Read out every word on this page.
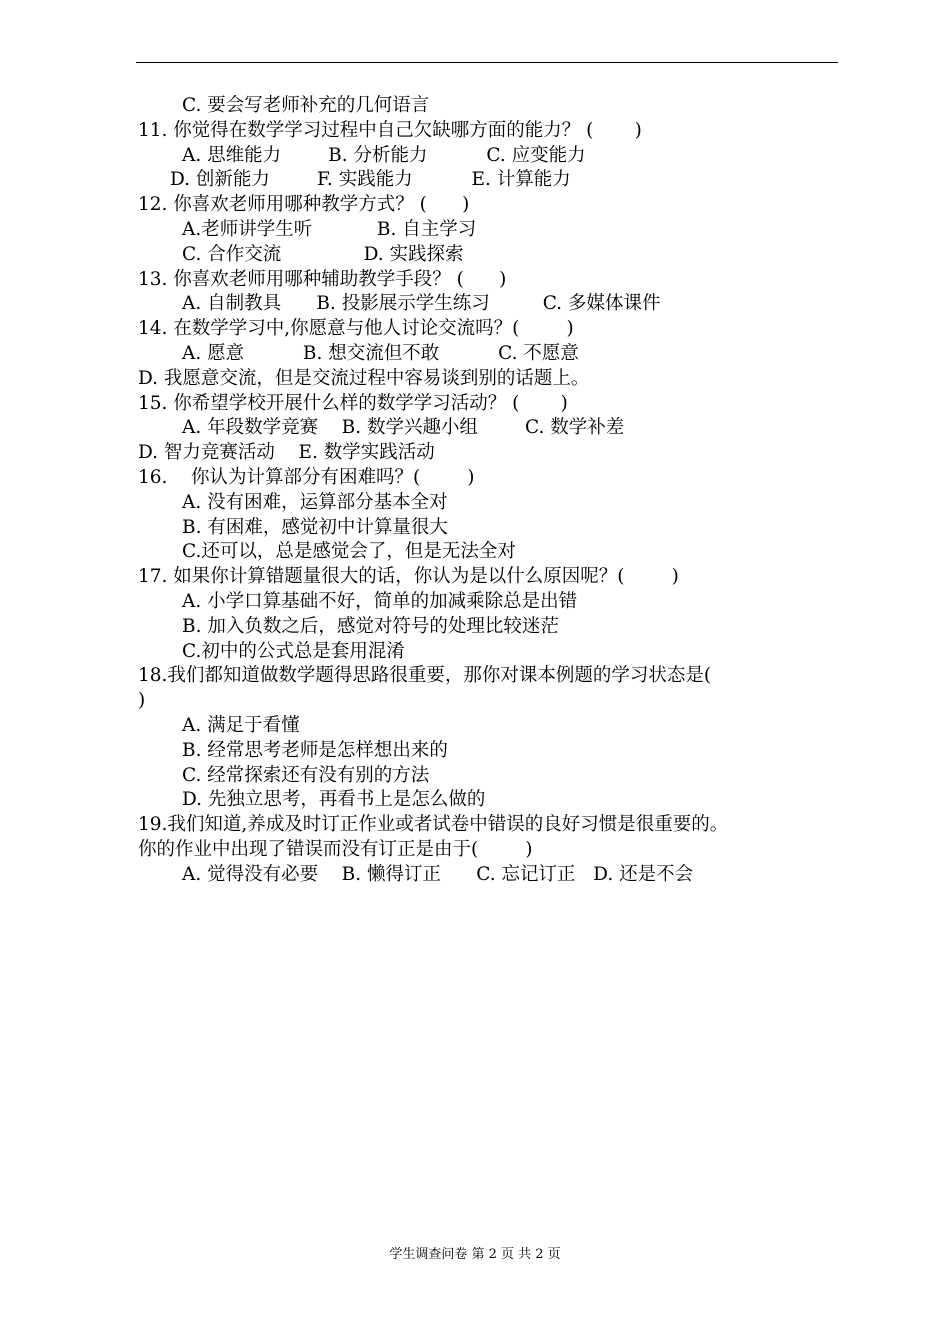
C. 要会写老师补充的几何语言
11. 你觉得在数学学习过程中自己欠缺哪方面的能力？ (       )
A. 思维能力        B. 分析能力          C. 应变能力
D. 创新能力        F. 实践能力          E. 计算能力
12. 你喜欢老师用哪种教学方式？ (      )
A.老师讲学生听           B. 自主学习
C. 合作交流              D. 实践探索
13. 你喜欢老师用哪种辅助教学手段？ (      )
A. 自制教具      B. 投影展示学生练习         C. 多媒体课件
14. 在数学学习中,你愿意与他人讨论交流吗？(        )
A. 愿意          B. 想交流但不敢          C. 不愿意
D. 我愿意交流，但是交流过程中容易谈到别的话题上。
15. 你希望学校开展什么样的数学学习活动？ (       )
A. 年段数学竞赛    B. 数学兴趣小组        C. 数学补差
D. 智力竞赛活动    E. 数学实践活动
16.    你认为计算部分有困难吗？(        )
A. 没有困难，运算部分基本全对
B. 有困难，感觉初中计算量很大
C.还可以，总是感觉会了，但是无法全对
17. 如果你计算错题量很大的话，你认为是以什么原因呢？(        )
A. 小学口算基础不好，简单的加减乘除总是出错
B. 加入负数之后，感觉对符号的处理比较迷茫
C.初中的公式总是套用混淆
18.我们都知道做数学题得思路很重要，那你对课本例题的学习状态是(
)
A. 满足于看懂
B. 经常思考老师是怎样想出来的
C. 经常探索还有没有别的方法
D. 先独立思考，再看书上是怎么做的
19.我们知道,养成及时订正作业或者试卷中错误的良好习惯是很重要的。
你的作业中出现了错误而没有订正是由于(        )
A. 觉得没有必要    B. 懒得订正      C. 忘记订正   D. 还是不会
学生调查问卷 第 2 页 共 2 页
